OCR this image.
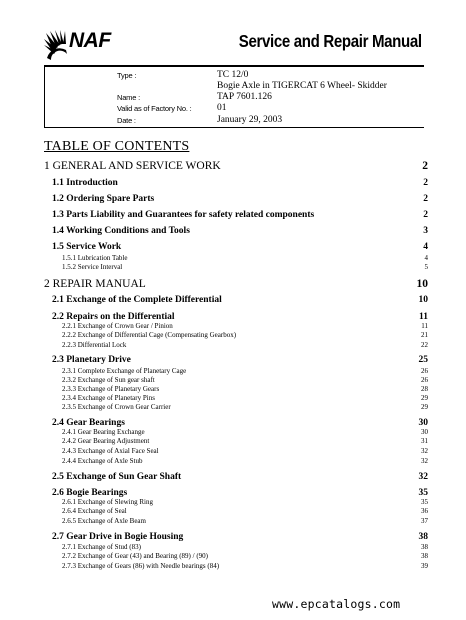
NAF	Service and Repair Manual
Type :	TC 12/0
Bogie Axle in TIGERCAT 6 Wheel- Skidder
Name :	TAP 7601.126
Valid as of Factory No. :	01
Date :	January 29, 2003
TABLE OF CONTENTS
1 GENERAL AND SERVICE WORK	2
1.1 Introduction	2
1.2 Ordering Spare Parts	2
1.3 Parts Liability and Guarantees for safety related components	2
1.4 Working Conditions and Tools	3
1.5 Service Work	4
1.5.1 Lubrication Table	4
1.5.2 Service Interval	5
2 REPAIR MANUAL	10
2.1 Exchange of the Complete Differential	10
2.2 Repairs on the Differential	11
2.2.1 Exchange of Crown Gear / Pinion	11
2.2.2 Exchange of Differential Cage (Compensating Gearbox)	21
2.2.3 Differential Lock	22
2.3 Planetary Drive	25
2.3.1 Complete Exchange of Planetary Cage	26
2.3.2 Exchange of Sun gear shaft	26
2.3.3 Exchange of Planetary Gears	28
2.3.4 Exchange of Planetary Pins	29
2.3.5 Exchange of Crown Gear Carrier	29
2.4 Gear Bearings	30
2.4.1 Gear Bearing Exchange	30
2.4.2 Gear Bearing Adjustment	31
2.4.3 Exchange of Axial Face Seal	32
2.4.4 Exchange of Axle Stub	32
2.5 Exchange of Sun Gear Shaft	32
2.6 Bogie Bearings	35
2.6.1 Exchange of Slewing Ring	35
2.6.4 Exchange of Seal	36
2.6.5 Exchange of Axle Beam	37
2.7 Gear Drive in Bogie Housing	38
2.7.1 Exchange of Stud (83)	38
2.7.2 Exchange of Gear (43) and Bearing (89) / (90)	38
2.7.3 Exchange of Gears (86) with Needle bearings (84)	39
www.epcatalogs.com
